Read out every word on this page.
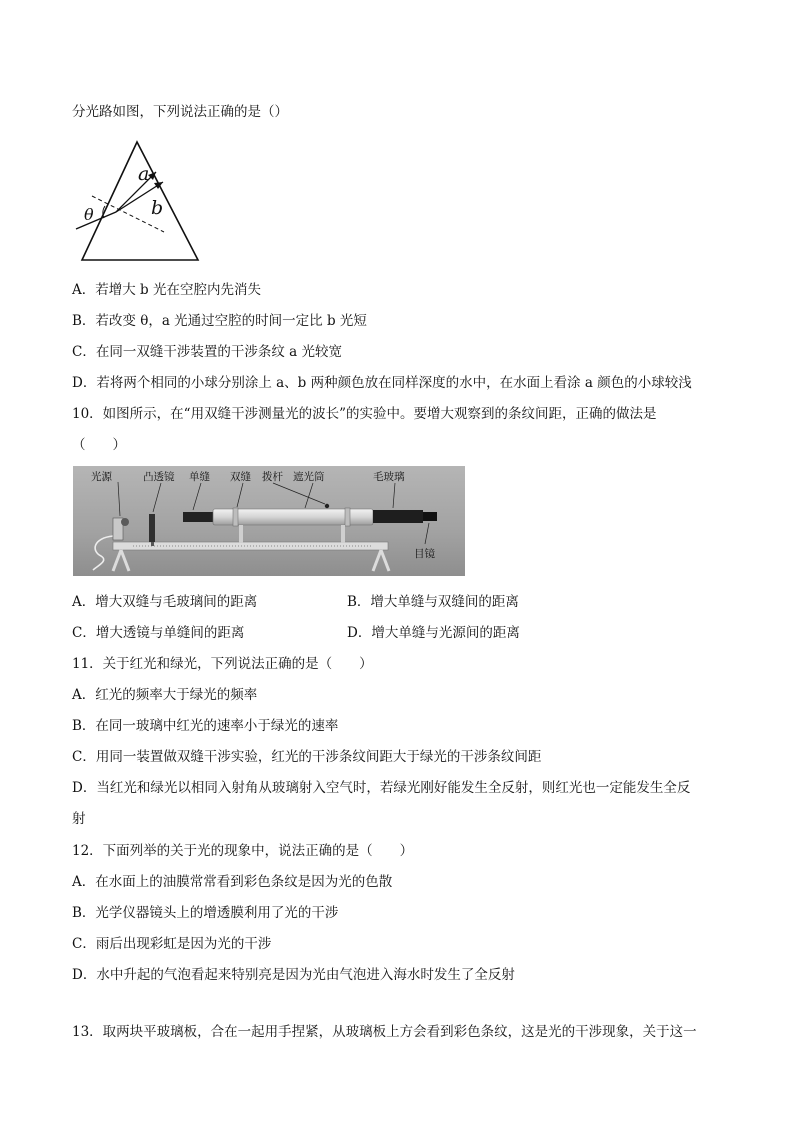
分光路如图，下列说法正确的是（）
θ
a
b
A．若增大 b 光在空腔内先消失
B．若改变 θ，a 光通过空腔的时间一定比 b 光短
C．在同一双缝干涉装置的干涉条纹 a 光较宽
D．若将两个相同的小球分别涂上 a、b 两种颜色放在同样深度的水中，在水面上看涂 a 颜色的小球较浅
10．如图所示，在“用双缝干涉测量光的波长”的实验中。要增大观察到的条纹间距，正确的做法是
（　　）
光源	凸透镜 单缝 双缝 拨杆 遮光筒	毛玻璃
目镜
A．增大双缝与毛玻璃间的距离	B．增大单缝与双缝间的距离
C．增大透镜与单缝间的距离	D．增大单缝与光源间的距离
11．关于红光和绿光，下列说法正确的是（　　）
A．红光的频率大于绿光的频率
B．在同一玻璃中红光的速率小于绿光的速率
C．用同一装置做双缝干涉实验，红光的干涉条纹间距大于绿光的干涉条纹间距
D．当红光和绿光以相同入射角从玻璃射入空气时，若绿光刚好能发生全反射，则红光也一定能发生全反
射
12．下面列举的关于光的现象中，说法正确的是（　　）
A．在水面上的油膜常常看到彩色条纹是因为光的色散
B．光学仪器镜头上的增透膜利用了光的干涉
C．雨后出现彩虹是因为光的干涉
D．水中升起的气泡看起来特别亮是因为光由气泡进入海水时发生了全反射
13．取两块平玻璃板，合在一起用手捏紧，从玻璃板上方会看到彩色条纹，这是光的干涉现象，关于这一
